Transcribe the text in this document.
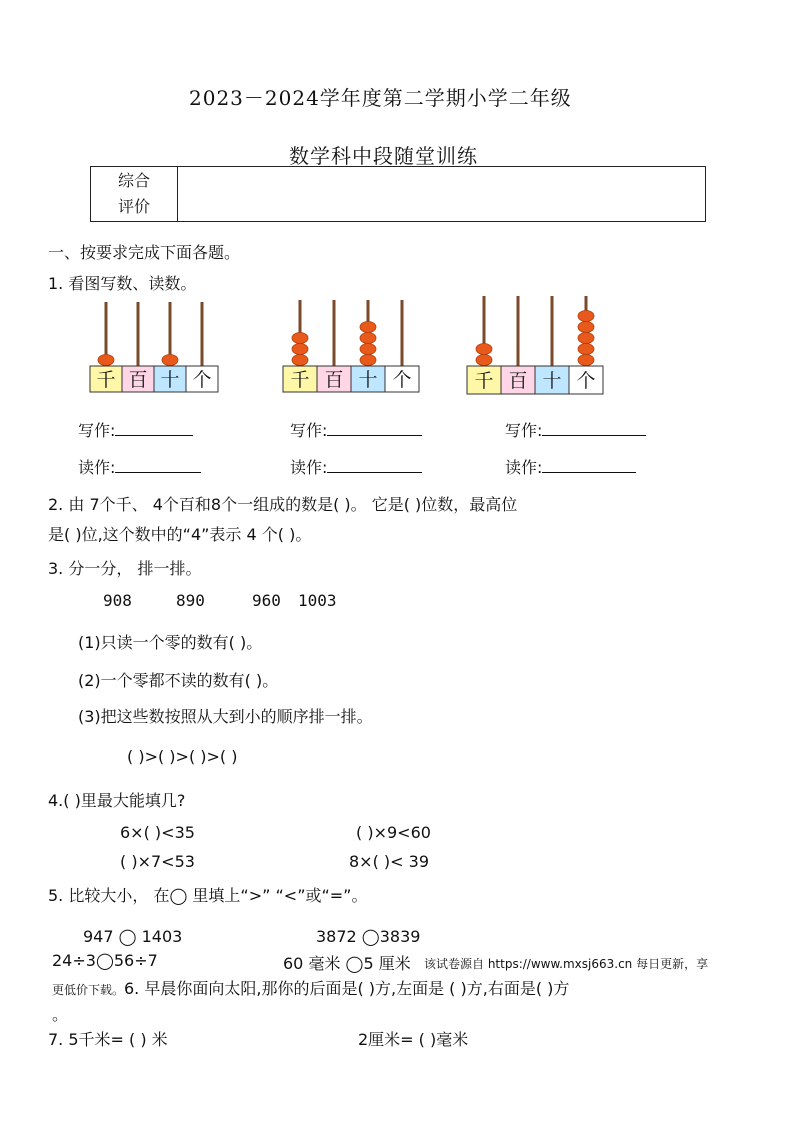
2023－2024学年度第二学期小学二年级
数学科中段随堂训练
综合
评价

一、按要求完成下面各题。
1. 看图写数、读数。
千 百 十 个	千 百 十 个	千 百 十 个
写作:	写作:	写作:
读作:	读作:	读作:
2. 由 7个千、 4个百和8个一组成的数是( )。 它是( )位数，最高位
是( )位,这个数中的“4”表示 4 个( )。
3. 分一分， 排一排。
908	890	960 1003
(1)只读一个零的数有( )。
(2)一个零都不读的数有( )。
(3)把这些数按照从大到小的顺序排一排。
( )>( )>( )>( )
4.( )里最大能填几?
6×( )<35	( )×9<60
( )×7<53	8×( )< 39
5. 比较大小， 在◯ 里填上“>” “<”或“=”。
947 ◯ 1403	3872 ◯3839
24÷3◯56÷7	60 毫米 ◯5 厘米 该试卷源自 https://www.mxsj663.cn 每日更新，享
更低价下载。 6. 早晨你面向太阳,那你的后面是( )方,左面是 ( )方,右面是( )方
。
7. 5千米= ( ) 米	2厘米= ( )毫米
